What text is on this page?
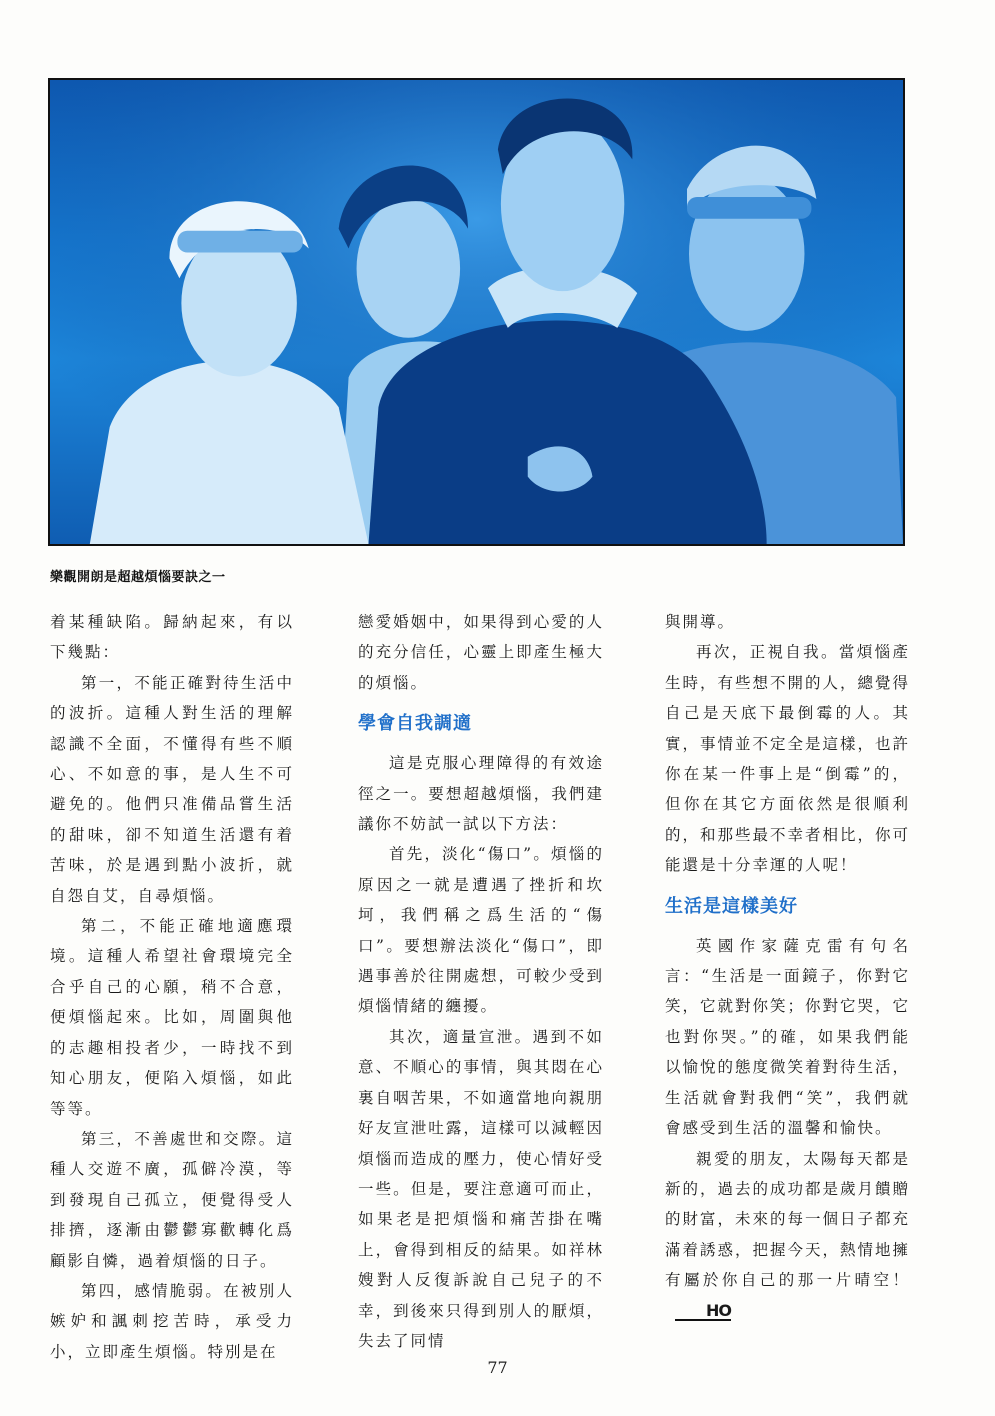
樂觀開朗是超越煩惱要訣之一

着某種缺陷。歸納起來，有以下幾點：

第一，不能正確對待生活中的波折。這種人對生活的理解認識不全面，不懂得有些不順心、不如意的事，是人生不可避免的。他們只准備品嘗生活的甜味，卻不知道生活還有着苦味，於是遇到點小波折，就自怨自艾，自尋煩惱。

第二，不能正確地適應環境。這種人希望社會環境完全合乎自己的心願，稍不合意，便煩惱起來。比如，周圍與他的志趣相投者少，一時找不到知心朋友，便陷入煩惱，如此等等。

第三，不善處世和交際。這種人交遊不廣，孤僻冷漠，等到發現自己孤立，便覺得受人排擠，逐漸由鬱鬱寡歡轉化爲顧影自憐，過着煩惱的日子。

第四，感情脆弱。在被別人嫉妒和諷刺挖苦時，承受力小，立即產生煩惱。特別是在

戀愛婚姻中，如果得到心愛的人的充分信任，心靈上即產生極大的煩惱。

學會自我調適

這是克服心理障得的有效途徑之一。要想超越煩惱，我們建議你不妨試一試以下方法：

首先，淡化“傷口”。煩惱的原因之一就是遭遇了挫折和坎坷，我們稱之爲生活的“傷口”。要想辦法淡化“傷口”，即遇事善於往開處想，可較少受到煩惱情緒的纏擾。

其次，適量宣泄。遇到不如意、不順心的事情，與其悶在心裏自咽苦果，不如適當地向親朋好友宣泄吐露，這樣可以減輕因煩惱而造成的壓力，使心情好受一些。但是，要注意適可而止，如果老是把煩惱和痛苦掛在嘴上，會得到相反的結果。如祥林嫂對人反復訴說自己兒子的不幸，到後來只得到別人的厭煩，失去了同情

與開導。

再次，正視自我。當煩惱產生時，有些想不開的人，總覺得自己是天底下最倒霉的人。其實，事情並不定全是這樣，也許你在某一件事上是“倒霉”的，但你在其它方面依然是很順利的，和那些最不幸者相比，你可能還是十分幸運的人呢！

生活是這樣美好

英國作家薩克雷有句名言：“生活是一面鏡子，你對它笑，它就對你笑；你對它哭，它也對你哭。”的確，如果我們能以愉悅的態度微笑着對待生活，生活就會對我們“笑”，我們就會感受到生活的溫馨和愉快。

親愛的朋友，太陽每天都是新的，過去的成功都是歲月饋贈的財富，未來的每一個日子都充滿着誘惑，把握今天，熱情地擁有屬於你自己的那一片晴空！HO

77
